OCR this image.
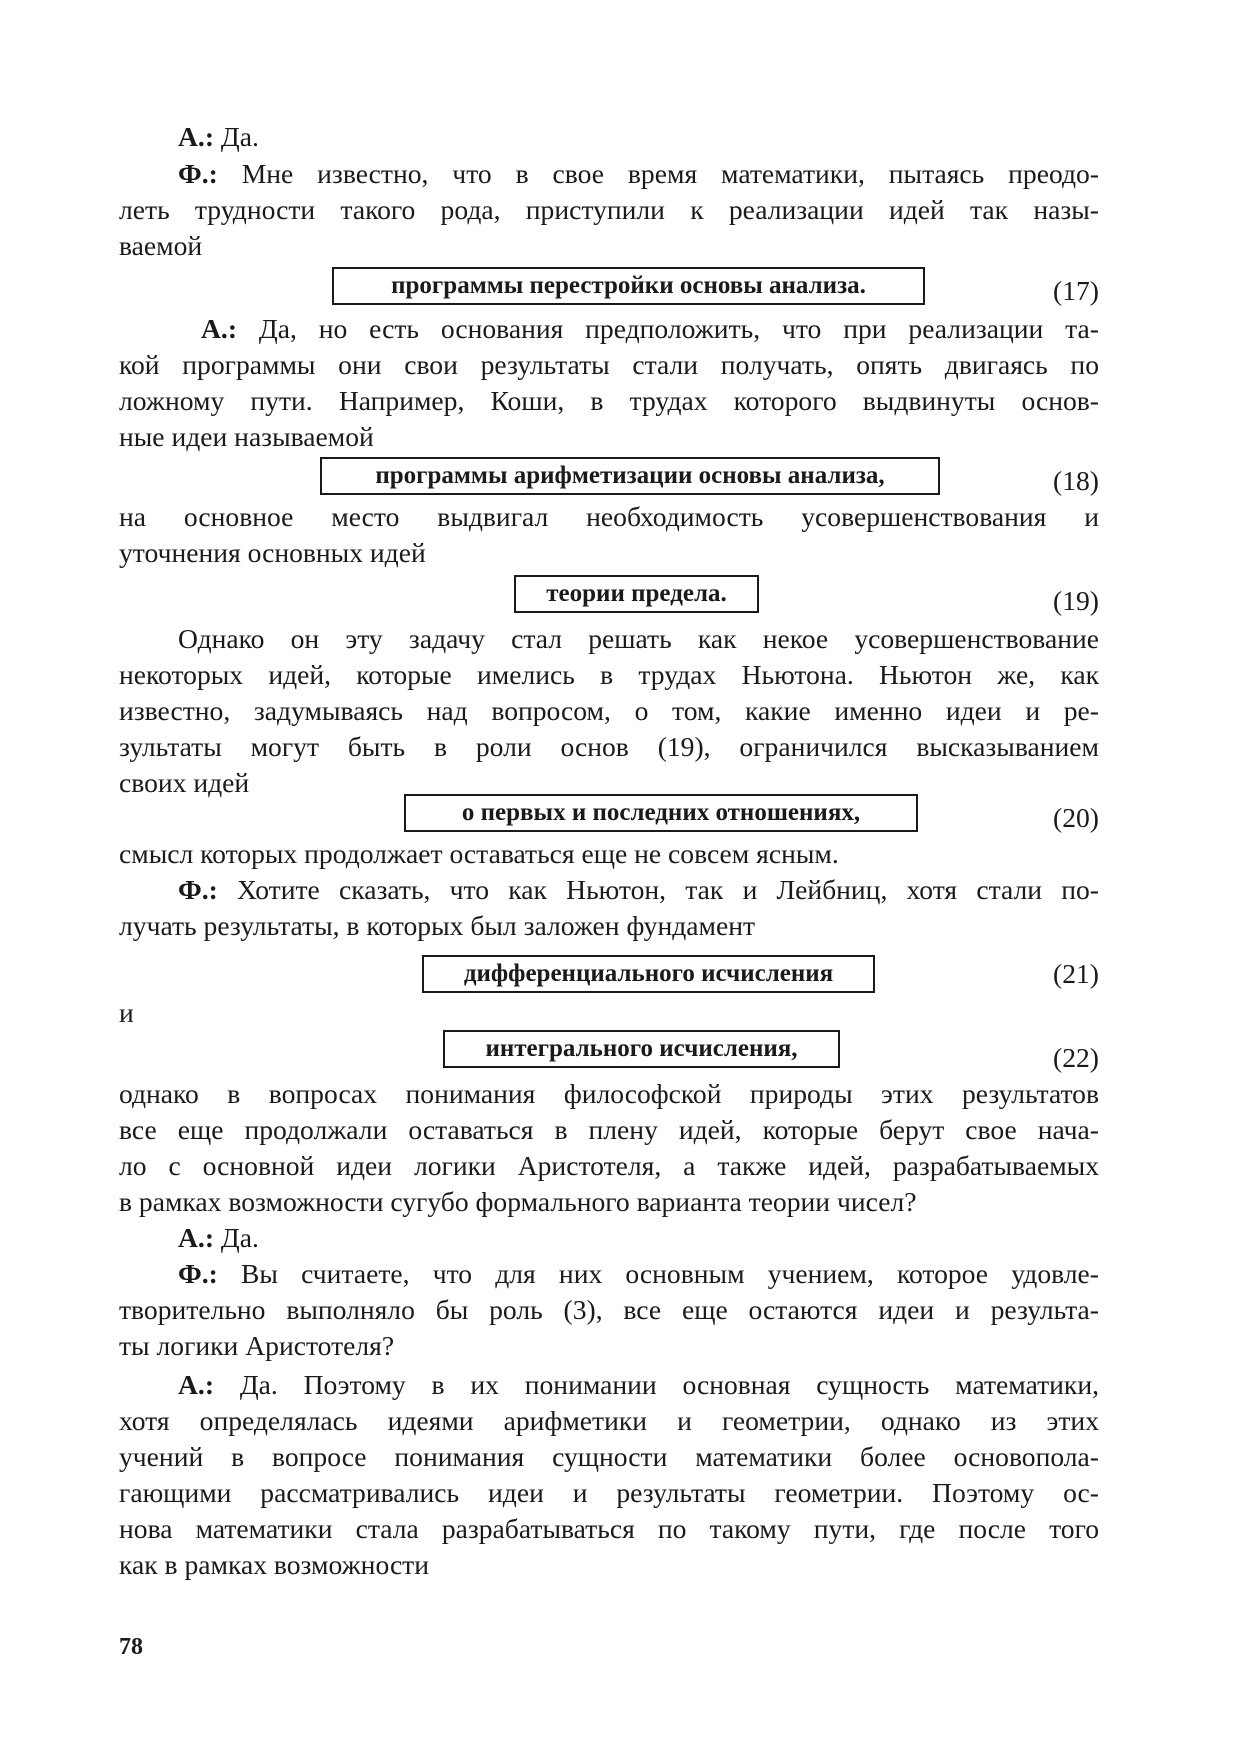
А.: Да.
Ф.: Мне известно, что в свое время математики, пытаясь преодо-
леть трудности такого рода, приступили к реализации идей так назы-
ваемой
программы перестройки основы анализа.	(17)
А.: Да, но есть основания предположить, что при реализации та-
кой программы они свои результаты стали получать, опять двигаясь по
ложному пути. Например, Коши, в трудах которого выдвинуты основ-
ные идеи называемой
программы арифметизации основы анализа,	(18)
на основное место выдвигал необходимость усовершенствования и
уточнения основных идей
теории предела.	(19)
Однако он эту задачу стал решать как некое усовершенствование
некоторых идей, которые имелись в трудах Ньютона. Ньютон же, как
известно, задумываясь над вопросом, о том, какие именно идеи и ре-
зультаты могут быть в роли основ (19), ограничился высказыванием
своих идей
о первых и последних отношениях,	(20)
смысл которых продолжает оставаться еще не совсем ясным.
Ф.: Хотите сказать, что как Ньютон, так и Лейбниц, хотя стали по-
лучать результаты, в которых был заложен фундамент
дифференциального исчисления	(21)
и
интегрального исчисления,	(22)
однако в вопросах понимания философской природы этих результатов
все еще продолжали оставаться в плену идей, которые берут свое нача-
ло с основной идеи логики Аристотеля, а также идей, разрабатываемых
в рамках возможности сугубо формального варианта теории чисел?
А.: Да.
Ф.: Вы считаете, что для них основным учением, которое удовле-
творительно выполняло бы роль (3), все еще остаются идеи и результа-
ты логики Аристотеля?
А.: Да. Поэтому в их понимании основная сущность математики,
хотя определялась идеями арифметики и геометрии, однако из этих
учений в вопросе понимания сущности математики более основопола-
гающими рассматривались идеи и результаты геометрии. Поэтому ос-
нова математики стала разрабатываться по такому пути, где после того
как в рамках возможности
78
